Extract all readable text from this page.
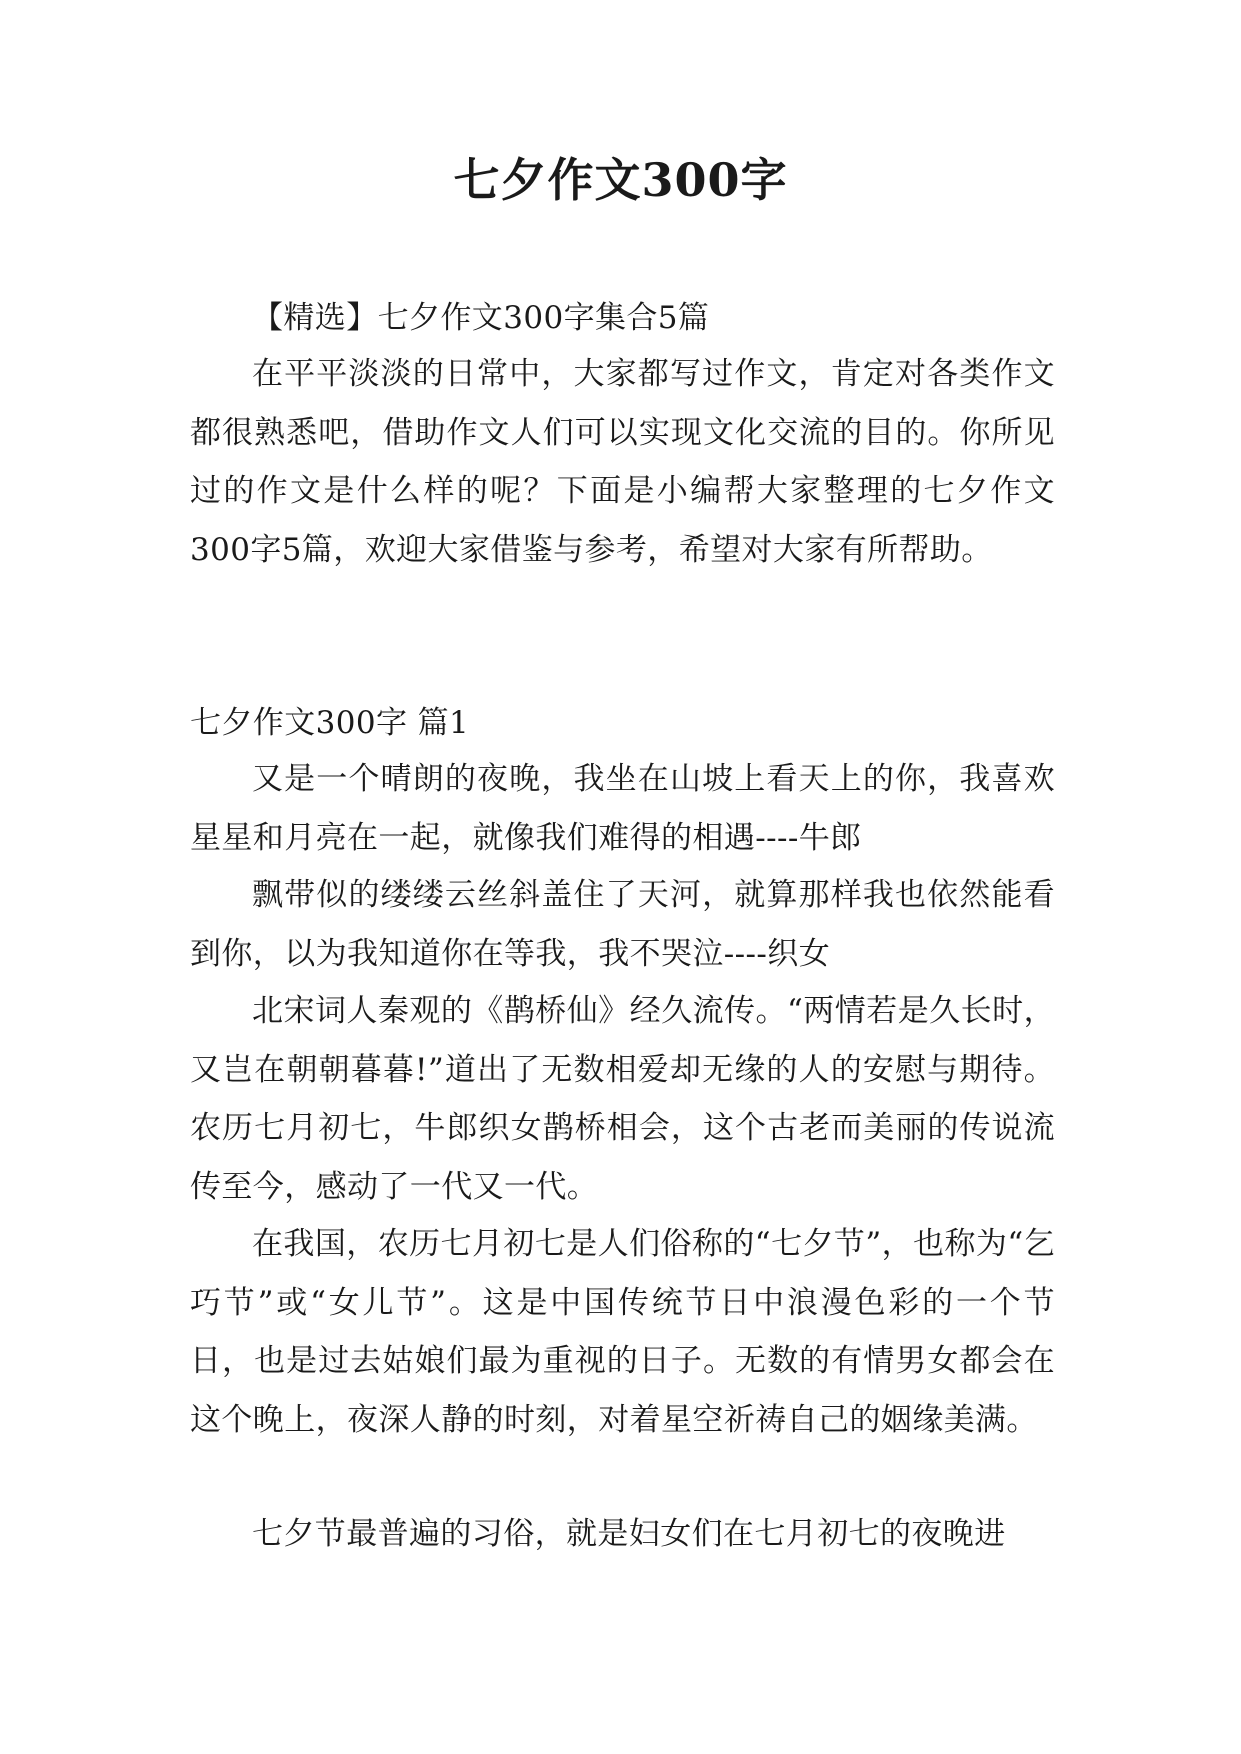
七夕作文300字

【精选】七夕作文300字集合5篇

在平平淡淡的日常中，大家都写过作文，肯定对各类作文都很熟悉吧，借助作文人们可以实现文化交流的目的。你所见过的作文是什么样的呢？下面是小编帮大家整理的七夕作文300字5篇，欢迎大家借鉴与参考，希望对大家有所帮助。

七夕作文300字 篇1

又是一个晴朗的夜晚，我坐在山坡上看天上的你，我喜欢星星和月亮在一起，就像我们难得的相遇----牛郎

飘带似的缕缕云丝斜盖住了天河，就算那样我也依然能看到你，以为我知道你在等我，我不哭泣----织女

北宋词人秦观的《鹊桥仙》经久流传。“两情若是久长时，又岂在朝朝暮暮!”道出了无数相爱却无缘的人的安慰与期待。农历七月初七，牛郎织女鹊桥相会，这个古老而美丽的传说流传至今，感动了一代又一代。

在我国，农历七月初七是人们俗称的“七夕节”，也称为“乞巧节”或“女儿节”。这是中国传统节日中浪漫色彩的一个节日，也是过去姑娘们最为重视的日子。无数的有情男女都会在这个晚上，夜深人静的时刻，对着星空祈祷自己的姻缘美满。

七夕节最普遍的习俗，就是妇女们在七月初七的夜晚进
